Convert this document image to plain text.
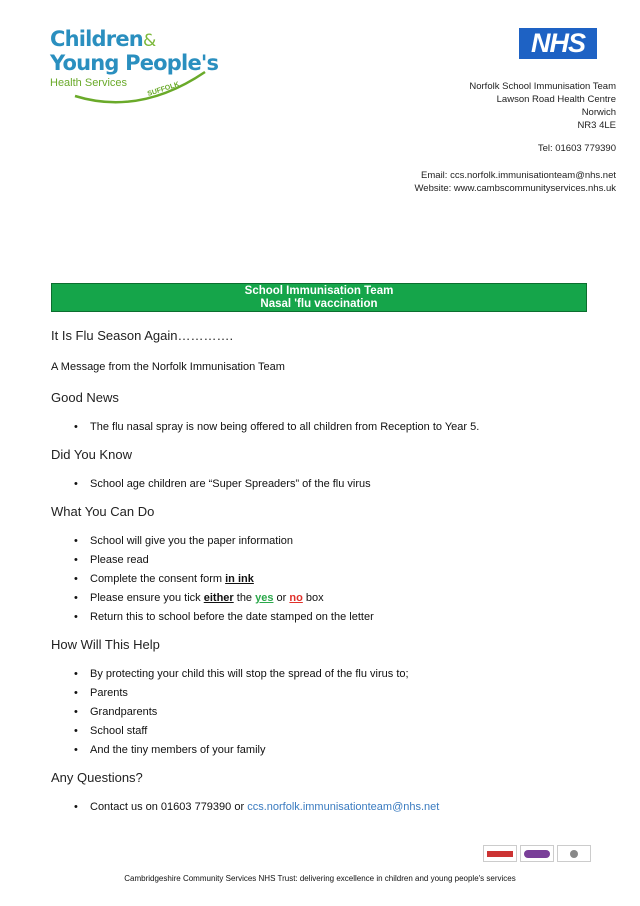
Children&
Young People's
Health Services	SUFFOLK
NHS
Norfolk School Immunisation Team
Lawson Road Health Centre
Norwich
NR3 4LE
Tel: 01603 779390
Email: ccs.norfolk.immunisationteam@nhs.net
Website: www.cambscommunityservices.nhs.uk
School Immunisation Team
Nasal 'flu vaccination

It Is Flu Season Again………….

A Message from the Norfolk Immunisation Team

Good News

• The flu nasal spray is now being offered to all children from Reception to Year 5.

Did You Know

• School age children are “Super Spreaders” of the flu virus

What You Can Do

• School will give you the paper information
• Please read
• Complete the consent form in ink
• Please ensure you tick either the yes or no box
• Return this to school before the date stamped on the letter

How Will This Help

• By protecting your child this will stop the spread of the flu virus to;
• Parents
• Grandparents
• School staff
• And the tiny members of your family

Any Questions?

• Contact us on 01603 779390 or ccs.norfolk.immunisationteam@nhs.net
Cambridgeshire Community Services NHS Trust: delivering excellence in children and young people's services
